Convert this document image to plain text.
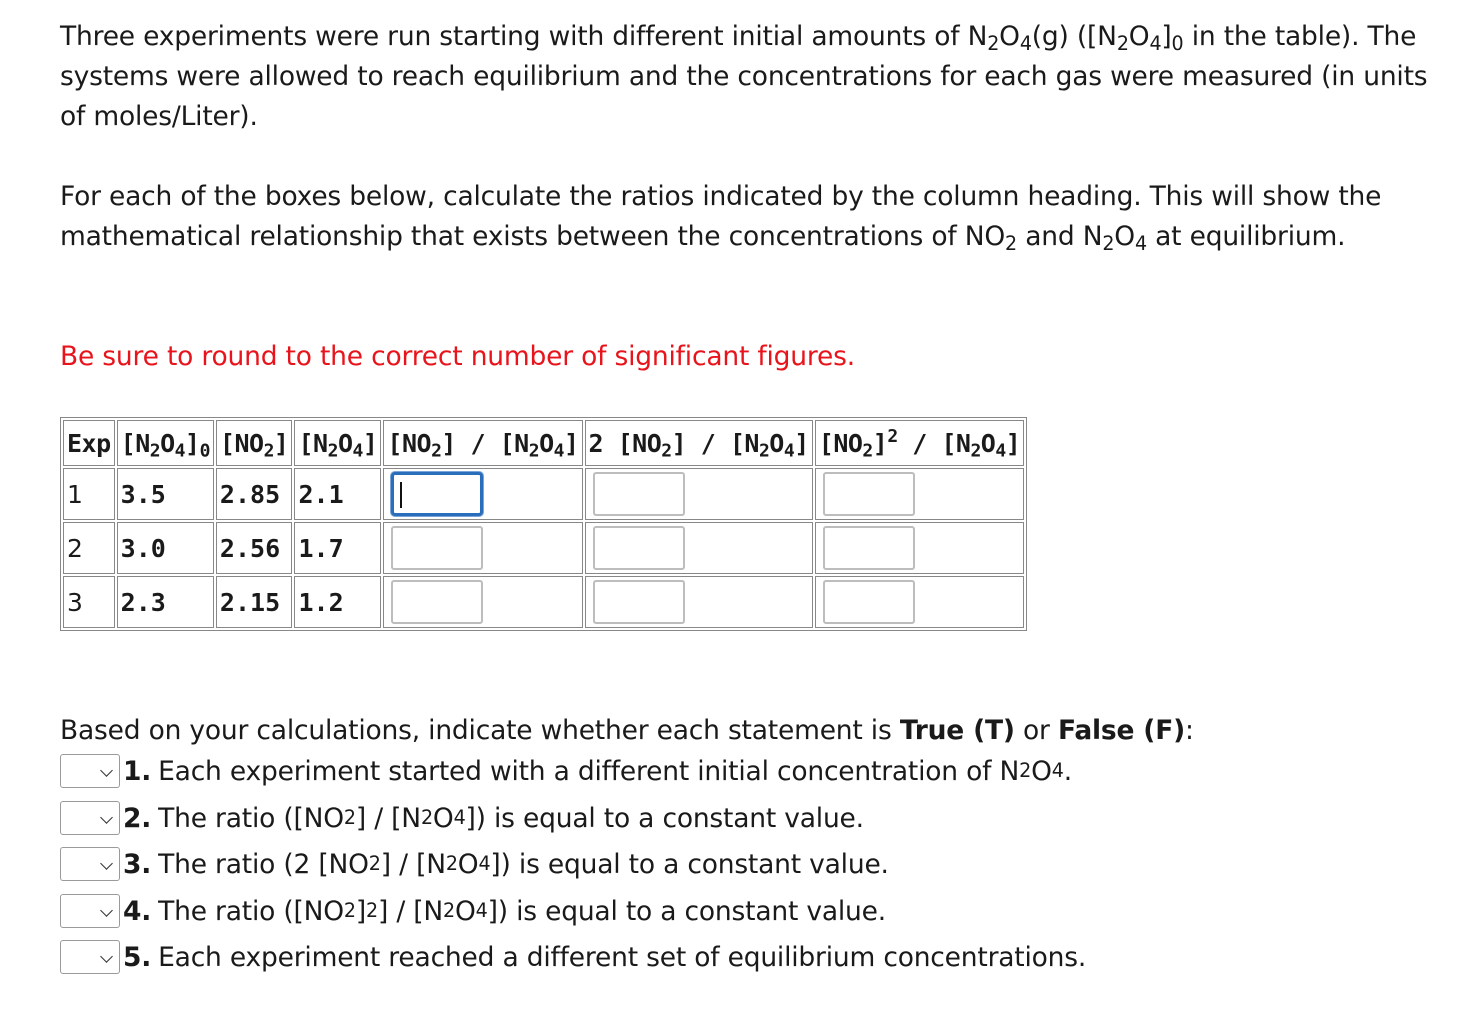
Three experiments were run starting with different initial amounts of $N_2O_4(g)$ ($[N_2O_4]_0$ in the table). The systems were allowed to reach equilibrium and the concentrations for each gas were measured (in units of moles/Liter).
For each of the boxes below, calculate the ratios indicated by the column heading. This will show the mathematical relationship that exists between the concentrations of $NO_2$ and $N_2O_4$ at equilibrium.
Be sure to round to the correct number of significant figures.
Exp	$[N_2O_4]_0$	$[NO_2]$	$[N_2O_4]$	$[NO_2] / [N_2O_4]$	2 $[NO_2] / [N_2O_4]$	$[NO_2]^2 / [N_2O_4]$
1	3.5	2.85	2.1	

2	3.0	2.56	1.7	

3	2.3	2.15	1.2	

Based on your calculations, indicate whether each statement is True (T) or False (F):
1. Each experiment started with a different initial concentration of N 2 O 4 .
2. The ratio ([NO 2 ] / [N 2 O 4 ]) is equal to a constant value.
3. The ratio (2 [NO 2 ] / [N 2 O 4 ]) is equal to a constant value.
4. The ratio ([NO 2 ] 2 ] / [N 2 O 4 ]) is equal to a constant value.
5. Each experiment reached a different set of equilibrium concentrations.
